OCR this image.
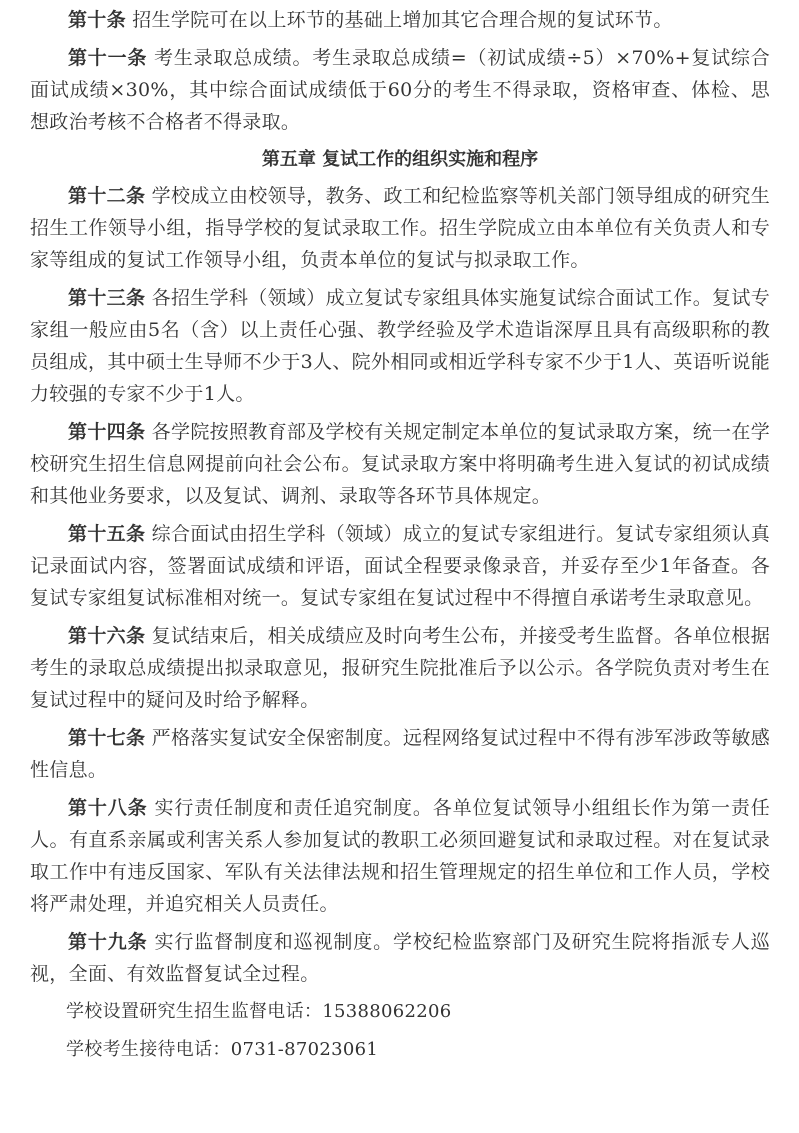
第十条 招生学院可在以上环节的基础上增加其它合理合规的复试环节。

第十一条 考生录取总成绩。考生录取总成绩=（初试成绩÷5）×70%+复试综合面试成绩×30%，其中综合面试成绩低于60分的考生不得录取，资格审查、体检、思想政治考核不合格者不得录取。

第五章 复试工作的组织实施和程序

第十二条 学校成立由校领导，教务、政工和纪检监察等机关部门领导组成的研究生招生工作领导小组，指导学校的复试录取工作。招生学院成立由本单位有关负责人和专家等组成的复试工作领导小组，负责本单位的复试与拟录取工作。

第十三条 各招生学科（领域）成立复试专家组具体实施复试综合面试工作。复试专家组一般应由5名（含）以上责任心强、教学经验及学术造诣深厚且具有高级职称的教员组成，其中硕士生导师不少于3人、院外相同或相近学科专家不少于1人、英语听说能力较强的专家不少于1人。

第十四条 各学院按照教育部及学校有关规定制定本单位的复试录取方案，统一在学校研究生招生信息网提前向社会公布。复试录取方案中将明确考生进入复试的初试成绩和其他业务要求，以及复试、调剂、录取等各环节具体规定。

第十五条 综合面试由招生学科（领域）成立的复试专家组进行。复试专家组须认真记录面试内容，签署面试成绩和评语，面试全程要录像录音，并妥存至少1年备查。各复试专家组复试标准相对统一。复试专家组在复试过程中不得擅自承诺考生录取意见。

第十六条 复试结束后，相关成绩应及时向考生公布，并接受考生监督。各单位根据考生的录取总成绩提出拟录取意见，报研究生院批准后予以公示。各学院负责对考生在复试过程中的疑问及时给予解释。

第十七条 严格落实复试安全保密制度。远程网络复试过程中不得有涉军涉政等敏感性信息。

第十八条 实行责任制度和责任追究制度。各单位复试领导小组组长作为第一责任人。有直系亲属或利害关系人参加复试的教职工必须回避复试和录取过程。对在复试录取工作中有违反国家、军队有关法律法规和招生管理规定的招生单位和工作人员，学校将严肃处理，并追究相关人员责任。

第十九条 实行监督制度和巡视制度。学校纪检监察部门及研究生院将指派专人巡视，全面、有效监督复试全过程。

学校设置研究生招生监督电话：15388062206

学校考生接待电话：0731-87023061
